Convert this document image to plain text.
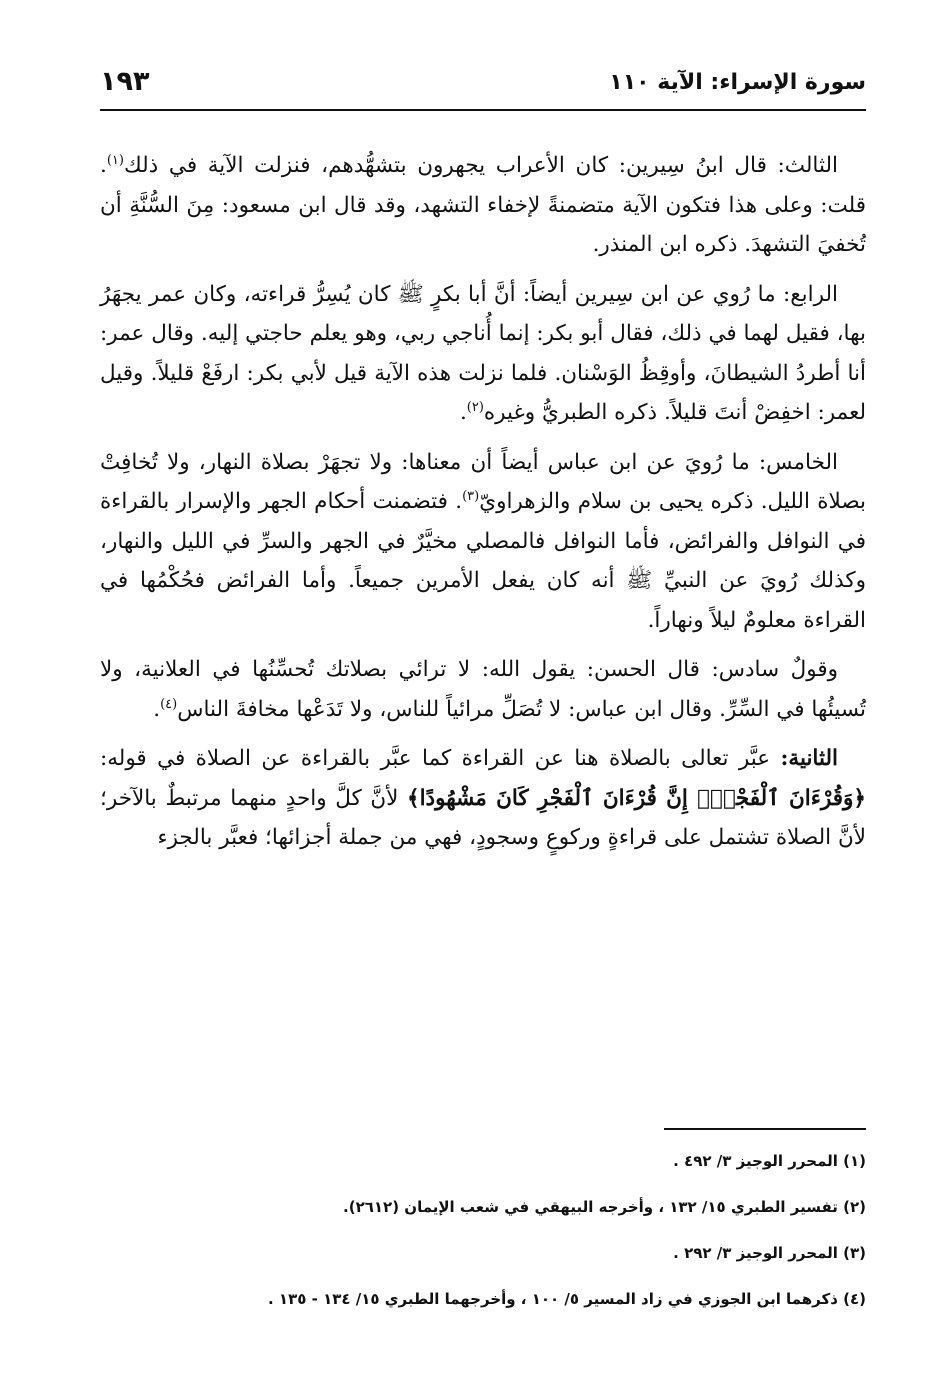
سورة الإسراء: الآية ١١٠
١٩٣

الثالث: قال ابنُ سِيرين: كان الأعراب يجهرون بتشهُّدهم، فنزلت الآية في ذلك$^{(١)}$. قلت: وعلى هذا فتكون الآية متضمنةً لإخفاء التشهد، وقد قال ابن مسعود: مِنَ السُّنَّةِ أن تُخفيَ التشهدَ. ذكره ابن المنذر.

الرابع: ما رُوي عن ابن سِيرين أيضاً: أنَّ أبا بكرٍ ﷺ كان يُسِرُّ قراءته، وكان عمر يجهَرُ بها، فقيل لهما في ذلك، فقال أبو بكر: إنما أُناجي ربي، وهو يعلم حاجتي إليه. وقال عمر: أنا أطردُ الشيطانَ، وأوقِظُ الوَسْنان. فلما نزلت هذه الآية قيل لأبي بكر: ارفَعْ قليلاً. وقيل لعمر: اخفِضْ أنتَ قليلاً. ذكره الطبريُّ وغيره$^{(٢)}$.

الخامس: ما رُويَ عن ابن عباس أيضاً أن معناها: ولا تجهَرْ بصلاة النهار، ولا تُخافِتْ بصلاة الليل. ذكره يحيى بن سلام والزهراويّ$^{(٣)}$. فتضمنت أحكام الجهر والإسرار بالقراءة في النوافل والفرائض، فأما النوافل فالمصلي مخيَّرٌ في الجهر والسرِّ في الليل والنهار، وكذلك رُويَ عن النبيِّ ﷺ أنه كان يفعل الأمرين جميعاً. وأما الفرائض فحُكْمُها في القراءة معلومٌ ليلاً ونهاراً.

وقولٌ سادس: قال الحسن: يقول الله: لا ترائي بصلاتك تُحسِّنُها في العلانية، ولا تُسيئُها في السِّرِّ. وقال ابن عباس: لا تُصَلِّ مرائياً للناس، ولا تَدَعْها مخافةَ الناس$^{(٤)}$.

الثانية: عبَّر تعالى بالصلاة هنا عن القراءة كما عبَّر بالقراءة عن الصلاة في قوله: ﴿وَقُرْءَانَ ٱلْفَجْرِۖ إِنَّ قُرْءَانَ ٱلْفَجْرِ كَانَ مَشْهُودًا﴾ لأنَّ كلَّ واحدٍ منهما مرتبطٌ بالآخر؛ لأنَّ الصلاة تشتمل على قراءةٍ وركوعٍ وسجودٍ، فهي من جملة أجزائها؛ فعبَّر بالجزء

(١) المحرر الوجيز ٣/ ٤٩٢ .
(٢) تفسير الطبري ١٥/ ١٣٢ ، وأخرجه البيهقي في شعب الإيمان (٢٦١٢).
(٣) المحرر الوجيز ٣/ ٢٩٢ .
(٤) ذكرهما ابن الجوزي في زاد المسير ٥/ ١٠٠ ، وأخرجهما الطبري ١٥/ ١٣٤ - ١٣٥ .
